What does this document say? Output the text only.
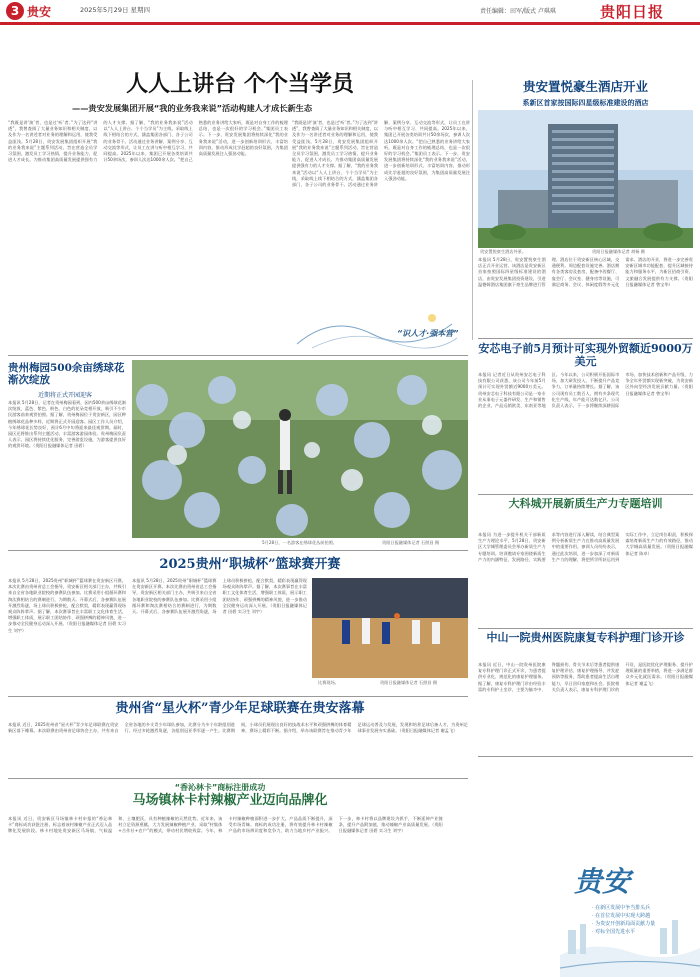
3 贵安	2025年5月29日 星期四	责任编辑：田军/版式 卢琪琪	贵阳日报
人人上讲台 个个当学员
——贵安发展集团开展“我的业务我来说”活动构建人才成长新生态
“我既是讲‘演’者，也是过‘听’者。”为了达到“讲透”，我曾查阅了大量业务知识和相关制度，以及作为一名讲述者对业务的理解和运用，使我受益匪浅。5月28日，贵安发展集团组织开展“我的业务我来说”主题系列活动，旨在营造全员学习氛围，激发员工学习热情，提升业务能力，促进人才成长。为推动集团高质量发展提供强有力的人才支撑。据了解，“我的业务我来说”活动以“人人上讲台、个个当学员”为主线，采取线上线下相结合的方式，涵盖集团各部门、各子公司的业务骨干。活动通过业务讲解、案例分享、互动交流等形式，让员工在讲与听中相互学习、共同提高。2025年以来，集团已开展各类培训共计50余场次，参训人次达1000余人次。“把自己熟悉的业务讲给大家听，既是对自身工作的梳理总结，也是一次很好的学习机会。”集团员工表示。下一步，贵安发展集团将持续深化“我的业务我来说”活动，进一步创新培训形式、丰富培训内容，推动形成比学赶超的良好氛围，为集团高质量发展注入强劲动能。
“我既是讲‘演’者，也是过‘听’者。”为了达到“讲透”，我曾查阅了大量业务知识和相关制度，以及作为一名讲述者对业务的理解和运用，使我受益匪浅。5月28日，贵安发展集团组织开展“我的业务我来说”主题系列活动，旨在营造全员学习氛围，激发员工学习热情，提升业务能力，促进人才成长。为推动集团高质量发展提供强有力的人才支撑。据了解，“我的业务我来说”活动以“人人上讲台、个个当学员”为主线，采取线上线下相结合的方式，涵盖集团各部门、各子公司的业务骨干。活动通过业务讲解、案例分享、互动交流等形式，让员工在讲与听中相互学习、共同提高。2025年以来，集团已开展各类培训共计50余场次，参训人次达1000余人次。“把自己熟悉的业务讲给大家听，既是对自身工作的梳理总结，也是一次很好的学习机会。”集团员工表示。下一步，贵安发展集团将持续深化“我的业务我来说”活动，进一步创新培训形式、丰富培训内容，推动形成比学赶超的良好氛围，为集团高质量发展注入强劲动能。
“识人才·强本营”
贵安置悦豪生酒店开业
系新区首家按国际四星级标准建设的酒店
贵安置悦豪生酒店外景。	贵阳日报融媒体记者 胡杨 摄
本报讯 5月28日，贵安置悦豪生酒店正式开业运营。该酒店是贵安新区首家按照国际四星级标准建设的酒店，由贵安发展集团投资建设，引进温德姆酒店集团旗下豪生品牌进行管理。酒店位于贵安新区核心区域，交通便利，周边配套设施完善。酒店拥有各类客房及套房，配备中西餐厅、宴会厅、会议室、健身房等设施，可满足商务、会议、休闲度假等多元化需求。酒店的开业，将进一步完善贵安新区城市功能配套，提升区域接待能力和服务水平，为新区招商引资、文旅融合发展提供有力支撑。（贵阳日报融媒体记者 曾宝华）
贵州梅园500余亩绣球花渐次绽放
近期将正式开园迎客
本报讯 5月28日，记者在贵州梅园看到，园内500余亩绣球花渐次绽放，蓝色、紫色、粉色、白色的花朵竞相开放，吸引不少市民游客前来观赏拍照。据了解，贵州梅园位于贵安新区，园区种植绣球花品种多样，近期将正式开园迎客。园区工作人员介绍，今年绣球花长势良好，预计6月中旬将迎来最佳观赏期。届时，园区还将推出系列主题活动，丰富游客游园体验。贵州梅园负责人表示，园区将持续优化服务，完善游览设施，为游客提供良好的观赏环境。（贵阳日报融媒体记者 田碧）
5月28日，一名游客在绣球花丛前拍照。	贵阳日报融媒体记者 石照昌 摄
安芯电子前5月预计可实现外贸额近9000万美元
本报讯 记者近日从贵州安芯电子科技有限公司获悉，该公司今年前5月预计可实现外贸额近9000万美元。贵州安芯电子科技有限公司是一家专业从事电子元器件研发、生产和销售的企业，产品远销欧美、东南亚等地区。今年以来，公司积极开拓国际市场，加大研发投入，不断提升产品竞争力，订单量持续增长。据了解，该公司现有员工数百人，拥有多条现代化生产线，年产能可达数亿只。公司负责人表示，下一步将继续深耕国际市场，加快技术创新和产品升级，力争全年外贸额实现新突破，为贵安新区外向型经济发展贡献力量。（贵阳日报融媒体记者 曾宝华）
大科城开展新质生产力专题培训
本报讯 为进一步提升机关干部新质生产力理论水平，5月28日，贵安新区大学城管理委员会举办新质生产力专题培训。培训邀请专家围绕新质生产力的内涵特征、发展路径、实践要求等内容进行深入解读，结合典型案例分析新质生产力在推动高质量发展中的重要作用。参训人员纷纷表示，通过此次培训，进一步加深了对新质生产力的理解，将把所学所获运用到实际工作中，立足岗位职责，积极探索培育新质生产力的有效路径，推动大学城高质量发展。（贵阳日报融媒体记者 陈卓）
2025贵州“职城杯”篮球赛开赛
本报讯 5月28日，2025贵州“职城杯”篮球赛在贵安新区开赛。本次比赛由贵州省总工会指导，贵安新区相关部门主办，共吸引来自全省各地职业院校的参赛队伍参加。比赛采用小组循环赛和淘汰赛相结合的赛制进行，为期数天。开幕式后，各参赛队伍展开激烈角逐，场上球员积极拼抢，配合默契，精彩表现赢得现场观众阵阵掌声。据了解，本次赛事旨在丰富职工文化体育生活，增强职工体质，展示职工团结协作、顽强拼搏的精神风貌，进一步推动全民健身运动深入开展。（贵阳日报融媒体记者 田碧 实习生 刘宇）
本报讯 5月28日，2025贵州“职城杯”篮球赛在贵安新区开赛。本次比赛由贵州省总工会指导，贵安新区相关部门主办，共吸引来自全省各地职业院校的参赛队伍参加。比赛采用小组循环赛和淘汰赛相结合的赛制进行，为期数天。开幕式后，各参赛队伍展开激烈角逐，场上球员积极拼抢，配合默契，精彩表现赢得现场观众阵阵掌声。据了解，本次赛事旨在丰富职工文化体育生活，增强职工体质，展示职工团结协作、顽强拼搏的精神风貌，进一步推动全民健身运动深入开展。（贵阳日报融媒体记者 田碧 实习生 刘宇）
比赛现场。	贵阳日报融媒体记者 石照昌 摄
中山一院贵州医院康复专科护理门诊开诊
本报讯 近日，中山一院贵州医院康复专科护理门诊正式开诊，为患者提供专业化、规范化的康复护理服务。据了解，康复专科护理门诊由经验丰富的专科护士坐诊，主要为脑卒中、脊髓损伤、骨关节术后等患者提供康复护理评估、康复护理指导、并发症预防等服务，帮助患者提高生活自理能力，早日回归家庭和社会。医院相关负责人表示，康复专科护理门诊的开设，是医院优化护理服务、提升护理质量的重要举措，将进一步满足群众多元化就医需求。（贵阳日报融媒体记者 谢孟飞）
贵州省“星火杯”青少年足球联赛在贵安落幕
本报讯 近日，2025贵州省“星火杯”青少年足球联赛在贵安新区落下帷幕。本次联赛由贵州省足球协会主办，共有来自全省各地的多支青少年球队参加，比赛分为多个年龄组别进行。经过多轮激烈角逐，各组别冠亚季军逐一产生。比赛期间，小球员们展现出良好的技战术水平和顽强拼搏的体育精神，赛场上精彩不断。据介绍，举办该联赛旨在推动青少年足球运动普及与发展，发现和培养足球后备人才，为贵州足球事业发展夯实基础。（贵阳日报融媒体记者 谢孟飞）
“香沁林卡”商标注册成功
马场镇林卡村辣椒产业迈向品牌化
本报讯 近日，贵安新区马场镇林卡村申报的“香沁林卡”商标成功获批注册，标志着该村辣椒产业正式迈入品牌化发展阶段。林卡村地处贵安新区马场镇，气候温和、土壤肥沃，具有种植辣椒的天然优势。近年来，该村立足资源禀赋，大力发展辣椒种植产业，采取“村集体+合作社+农户”的模式，带动村民增收致富。今年，林卡村辣椒种植面积进一步扩大，产品品质不断提升，深受市场青睐。商标的成功注册，将有效提升林卡村辣椒产品的市场辨识度和竞争力，助力当地乡村产业振兴。下一步，林卡村将以品牌建设为抓手，不断延伸产业链条，提升产品附加值，推动辣椒产业高质量发展。（贵阳日报融媒体记者 田碧 实习生 刘宇）
贵安
· 在新区发展中争当排头兵
· 在首位发展中实现大跨越
· 为贵安开创新局面贡献力量
· 对标全国先进水平
